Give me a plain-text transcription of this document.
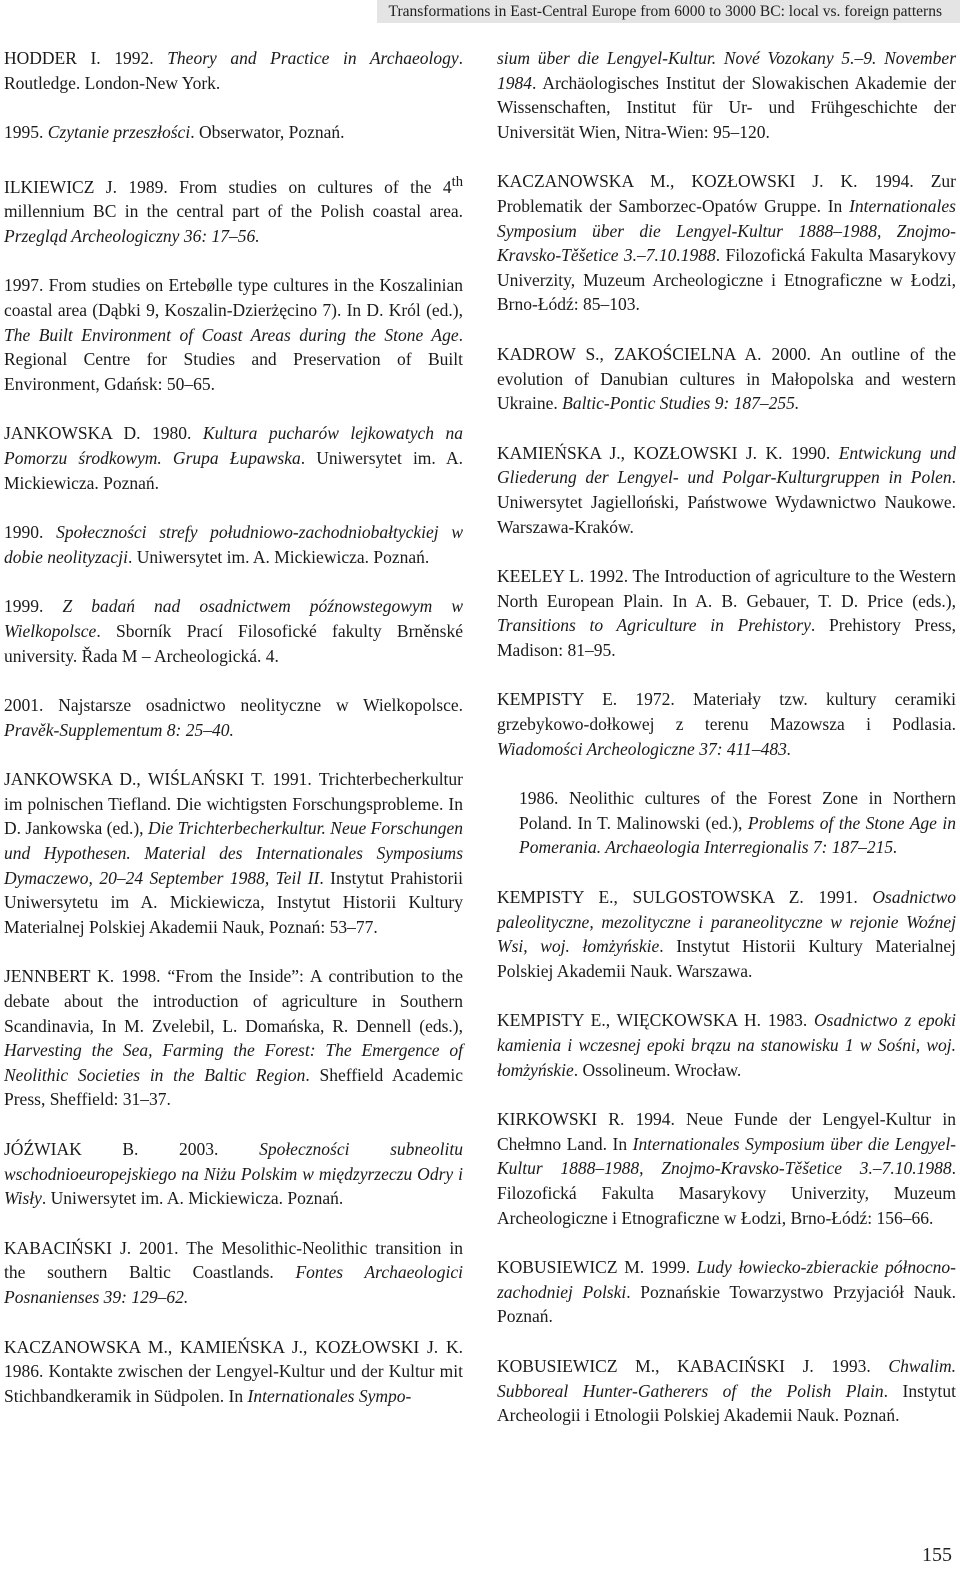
Transformations in East-Central Europe from 6000 to 3000 BC: local vs. foreign patterns
HODDER I. 1992. Theory and Practice in Archaeology. Routledge. London-New York.
1995. Czytanie przeszłości. Obserwator, Poznań.
ILKIEWICZ J. 1989. From studies on cultures of the 4th millennium BC in the central part of the Polish coastal area. Przegląd Archeologiczny 36: 17–56.
1997. From studies on Ertebølle type cultures in the Koszalinian coastal area (Dąbki 9, Koszalin-Dzierżęcino 7). In D. Król (ed.), The Built Environment of Coast Areas during the Stone Age. Regional Centre for Studies and Preservation of Built Environment, Gdańsk: 50–65.
JANKOWSKA D. 1980. Kultura pucharów lejkowatych na Pomorzu środkowym. Grupa Łupawska. Uniwersytet im. A. Mickiewicza. Poznań.
1990. Społeczności strefy południowo-zachodniobałtyckiej w dobie neolityzacji. Uniwersytet im. A. Mickiewicza. Poznań.
1999. Z badań nad osadnictwem późnowstegowym w Wielkopolsce. Sborník Prací Filosofické fakulty Brněnské university. Řada M – Archeologická. 4.
2001. Najstarsze osadnictwo neolityczne w Wielkopolsce. Pravěk-Supplementum 8: 25–40.
JANKOWSKA D., WIŚLAŃSKI T. 1991. Trichterbecherkultur im polnischen Tiefland. Die wichtigsten Forschungsprobleme. In D. Jankowska (ed.), Die Trichterbecherkultur. Neue Forschungen und Hypothesen. Material des Internationales Symposiums Dymaczewo, 20–24 September 1988, Teil II. Instytut Prahistorii Uniwersytetu im A. Mickiewicza, Instytut Historii Kultury Materialnej Polskiej Akademii Nauk, Poznań: 53–77.
JENNBERT K. 1998. “From the Inside”: A contribution to the debate about the introduction of agriculture in Southern Scandinavia, In M. Zvelebil, L. Domańska, R. Dennell (eds.), Harvesting the Sea, Farming the Forest: The Emergence of Neolithic Societies in the Baltic Region. Sheffield Academic Press, Sheffield: 31–37.
JÓŹWIAK B. 2003. Społeczności subneolitu wschodnioeuropejskiego na Niżu Polskim w międzyrzeczu Odry i Wisły. Uniwersytet im. A. Mickiewicza. Poznań.
KABACIŃSKI J. 2001. The Mesolithic-Neolithic transition in the southern Baltic Coastlands. Fontes Archaeologici Posnanienses 39: 129–62.
KACZANOWSKA M., KAMIEŃSKA J., KOZŁOWSKI J. K. 1986. Kontakte zwischen der Lengyel-Kultur und der Kultur mit Stichbandkeramik in Südpolen. In Internationales Sympo-
sium über die Lengyel-Kultur. Nové Vozokany 5.–9. November 1984. Archäologisches Institut der Slowakischen Akademie der Wissenschaften, Institut für Ur- und Frühgeschichte der Universität Wien, Nitra-Wien: 95–120.
KACZANOWSKA M., KOZŁOWSKI J. K. 1994. Zur Problematik der Samborzec-Opatów Gruppe. In Internationales Symposium über die Lengyel-Kultur 1888–1988, Znojmo-Kravsko-Těšetice 3.–7.10.1988. Filozofická Fakulta Masarykovy Univerzity, Muzeum Archeologiczne i Etnograficzne w Łodzi, Brno-Łódź: 85–103.
KADROW S., ZAKOŚCIELNA A. 2000. An outline of the evolution of Danubian cultures in Małopolska and western Ukraine. Baltic-Pontic Studies 9: 187–255.
KAMIEŃSKA J., KOZŁOWSKI J. K. 1990. Entwickung und Gliederung der Lengyel- und Polgar-Kulturgruppen in Polen. Uniwersytet Jagielloński, Państwowe Wydawnictwo Naukowe. Warszawa-Kraków.
KEELEY L. 1992. The Introduction of agriculture to the Western North European Plain. In A. B. Gebauer, T. D. Price (eds.), Transitions to Agriculture in Prehistory. Prehistory Press, Madison: 81–95.
KEMPISTY E. 1972. Materiały tzw. kultury ceramiki grzebykowo-dołkowej z terenu Mazowsza i Podlasia. Wiadomości Archeologiczne 37: 411–483.
1986. Neolithic cultures of the Forest Zone in Northern Poland. In T. Malinowski (ed.), Problems of the Stone Age in Pomerania. Archaeologia Interregionalis 7: 187–215.
KEMPISTY E., SULGOSTOWSKA Z. 1991. Osadnictwo paleolityczne, mezolityczne i paraneolityczne w rejonie Woźnej Wsi, woj. łomżyńskie. Instytut Historii Kultury Materialnej Polskiej Akademii Nauk. Warszawa.
KEMPISTY E., WIĘCKOWSKA H. 1983. Osadnictwo z epoki kamienia i wczesnej epoki brązu na stanowisku 1 w Sośni, woj. łomżyńskie. Ossolineum. Wrocław.
KIRKOWSKI R. 1994. Neue Funde der Lengyel-Kultur in Chełmno Land. In Internationales Symposium über die Lengyel-Kultur 1888–1988, Znojmo-Kravsko-Těšetice 3.–7.10.1988. Filozofická Fakulta Masarykovy Univerzity, Muzeum Archeologiczne i Etnograficzne w Łodzi, Brno-Łódź: 156–66.
KOBUSIEWICZ M. 1999. Ludy łowiecko-zbierackie północno-zachodniej Polski. Poznańskie Towarzystwo Przyjaciół Nauk. Poznań.
KOBUSIEWICZ M., KABACIŃSKI J. 1993. Chwalim. Subboreal Hunter-Gatherers of the Polish Plain. Instytut Archeologii i Etnologii Polskiej Akademii Nauk. Poznań.
155
